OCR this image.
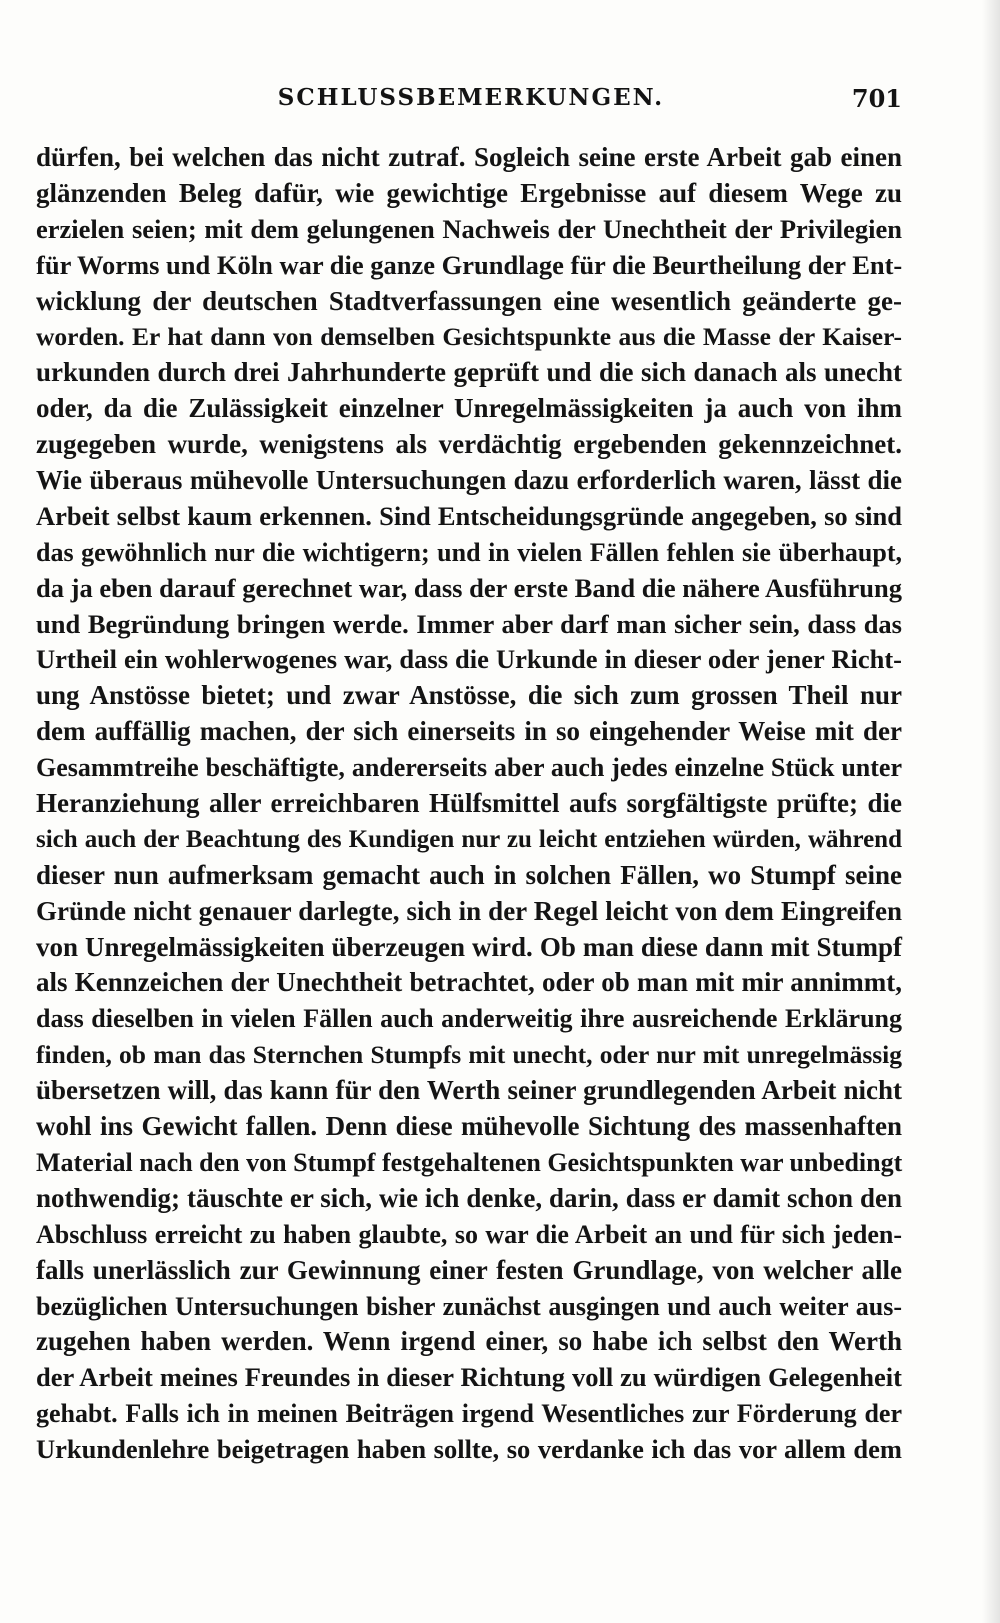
SCHLUSSBEMERKUNGEN.	701
dürfen, bei welchen das nicht zutraf. Sogleich seine erste Arbeit gab einen
glänzenden Beleg dafür, wie gewichtige Ergebnisse auf diesem Wege zu
erzielen seien; mit dem gelungenen Nachweis der Unechtheit der Privilegien
für Worms und Köln war die ganze Grundlage für die Beurtheilung der Ent-
wicklung der deutschen Stadtverfassungen eine wesentlich geänderte ge-
worden. Er hat dann von demselben Gesichtspunkte aus die Masse der Kaiser-
urkunden durch drei Jahrhunderte geprüft und die sich danach als unecht
oder, da die Zulässigkeit einzelner Unregelmässigkeiten ja auch von ihm
zugegeben wurde, wenigstens als verdächtig ergebenden gekennzeichnet.
Wie überaus mühevolle Untersuchungen dazu erforderlich waren, lässt die
Arbeit selbst kaum erkennen. Sind Entscheidungsgründe angegeben, so sind
das gewöhnlich nur die wichtigern; und in vielen Fällen fehlen sie überhaupt,
da ja eben darauf gerechnet war, dass der erste Band die nähere Ausführung
und Begründung bringen werde. Immer aber darf man sicher sein, dass das
Urtheil ein wohlerwogenes war, dass die Urkunde in dieser oder jener Richt-
ung Anstösse bietet; und zwar Anstösse, die sich zum grossen Theil nur
dem auffällig machen, der sich einerseits in so eingehender Weise mit der
Gesammtreihe beschäftigte, andererseits aber auch jedes einzelne Stück unter
Heranziehung aller erreichbaren Hülfsmittel aufs sorgfältigste prüfte; die
sich auch der Beachtung des Kundigen nur zu leicht entziehen würden, während
dieser nun aufmerksam gemacht auch in solchen Fällen, wo Stumpf seine
Gründe nicht genauer darlegte, sich in der Regel leicht von dem Eingreifen
von Unregelmässigkeiten überzeugen wird. Ob man diese dann mit Stumpf
als Kennzeichen der Unechtheit betrachtet, oder ob man mit mir annimmt,
dass dieselben in vielen Fällen auch anderweitig ihre ausreichende Erklärung
finden, ob man das Sternchen Stumpfs mit unecht, oder nur mit unregelmässig
übersetzen will, das kann für den Werth seiner grundlegenden Arbeit nicht
wohl ins Gewicht fallen. Denn diese mühevolle Sichtung des massenhaften
Material nach den von Stumpf festgehaltenen Gesichtspunkten war unbedingt
nothwendig; täuschte er sich, wie ich denke, darin, dass er damit schon den
Abschluss erreicht zu haben glaubte, so war die Arbeit an und für sich jeden-
falls unerlässlich zur Gewinnung einer festen Grundlage, von welcher alle
bezüglichen Untersuchungen bisher zunächst ausgingen und auch weiter aus-
zugehen haben werden. Wenn irgend einer, so habe ich selbst den Werth
der Arbeit meines Freundes in dieser Richtung voll zu würdigen Gelegenheit
gehabt. Falls ich in meinen Beiträgen irgend Wesentliches zur Förderung der
Urkundenlehre beigetragen haben sollte, so verdanke ich das vor allem dem
